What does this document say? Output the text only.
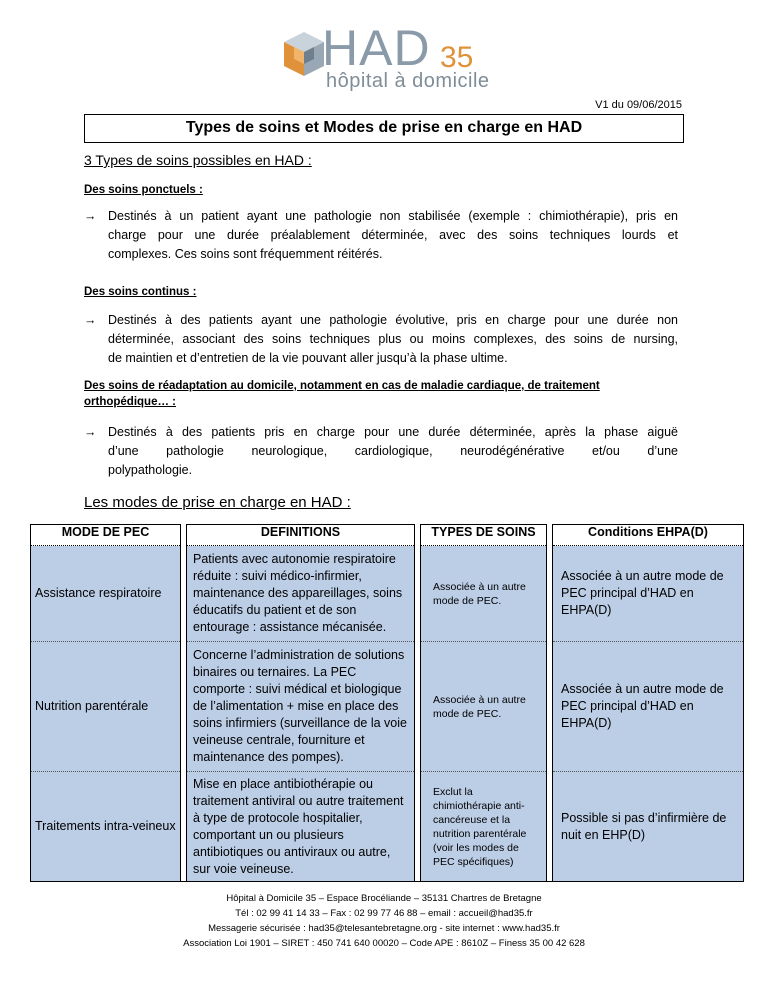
HAD 35
hôpital à domicile
V1 du 09/06/2015
Types de soins et Modes de prise en charge en HAD
3 Types de soins possibles en HAD :
Des soins ponctuels :
→ Destinés à un patient ayant une pathologie non stabilisée (exemple : chimiothérapie), pris en
charge pour une durée préalablement déterminée, avec des soins techniques lourds et
complexes. Ces soins sont fréquemment réitérés.
Des soins continus :
→ Destinés à des patients ayant une pathologie évolutive, pris en charge pour une durée non
déterminée, associant des soins techniques plus ou moins complexes, des soins de nursing,
de maintien et d’entretien de la vie pouvant aller jusqu’à la phase ultime.
Des soins de réadaptation au domicile, notamment en cas de maladie cardiaque, de traitement
orthopédique… :
→ Destinés à des patients pris en charge pour une durée déterminée, après la phase aiguë
d’une pathologie neurologique, cardiologique, neurodégénérative et/ou d’une
polypathologie.
Les modes de prise en charge en HAD :
MODE DE PEC		DEFINITIONS		TYPES DE SOINS		Conditions EHPA(D)
Assistance respiratoire		Patients avec autonomie respiratoire réduite : suivi médico-infirmier, maintenance des appareillages, soins éducatifs du patient et de son entourage : assistance mécanisée.		Associée à un autre mode de PEC.		Associée à un autre mode de PEC principal d’HAD en EHPA(D)
Nutrition parentérale		Concerne l’administration de solutions binaires ou ternaires. La PEC comporte : suivi médical et biologique de l’alimentation + mise en place des soins infirmiers (surveillance de la voie veineuse centrale, fourniture et maintenance des pompes).		Associée à un autre mode de PEC.		Associée à un autre mode de PEC principal d’HAD en EHPA(D)
Traitements intra-veineux		Mise en place antibiothérapie ou traitement antiviral ou autre traitement à type de protocole hospitalier, comportant un ou plusieurs antibiotiques ou antiviraux ou autre, sur voie veineuse.		Exclut la chimiothérapie anti-cancéreuse et la nutrition parentérale (voir les modes de PEC spécifiques)		Possible si pas d’infirmière de nuit en EHP(D)
Hôpital à Domicile 35 – Espace Brocéliande – 35131 Chartres de Bretagne
Tél : 02 99 41 14 33 – Fax : 02 99 77 46 88 – email : accueil@had35.fr
Messagerie sécurisée : had35@telesantebretagne.org - site internet : www.had35.fr
Association Loi 1901 – SIRET : 450 741 640 00020 – Code APE : 8610Z – Finess 35 00 42 628
